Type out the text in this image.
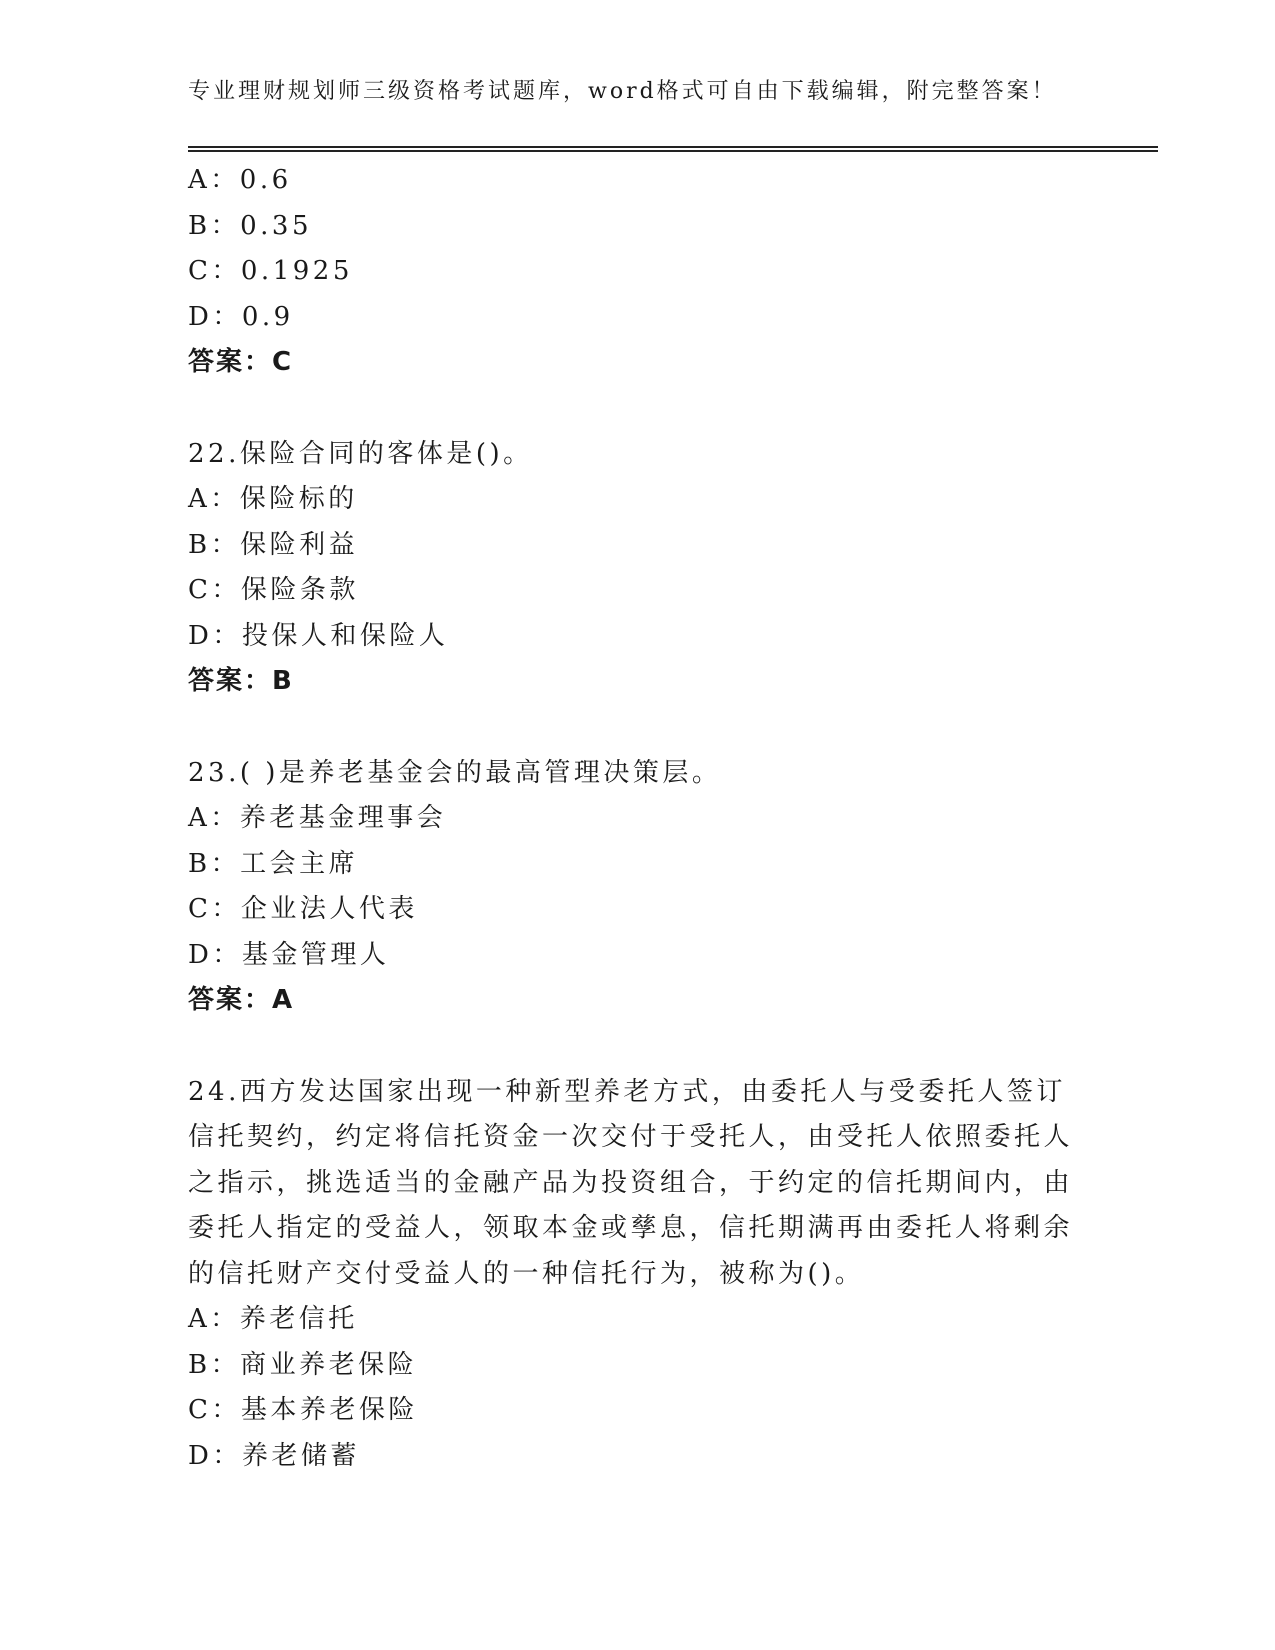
专业理财规划师三级资格考试题库，word格式可自由下载编辑，附完整答案！
A：0.6
B：0.35
C：0.1925
D：0.9
答案：C
22.保险合同的客体是()。
A：保险标的
B：保险利益
C：保险条款
D：投保人和保险人
答案：B
23.( )是养老基金会的最高管理决策层。
A：养老基金理事会
B：工会主席
C：企业法人代表
D：基金管理人
答案：A
24.西方发达国家出现一种新型养老方式，由委托人与受委托人签订信托契约，约定将信托资金一次交付于受托人，由受托人依照委托人之指示，挑选适当的金融产品为投资组合，于约定的信托期间内，由委托人指定的受益人，领取本金或孳息，信托期满再由委托人将剩余的信托财产交付受益人的一种信托行为，被称为()。
A：养老信托
B：商业养老保险
C：基本养老保险
D：养老储蓄
